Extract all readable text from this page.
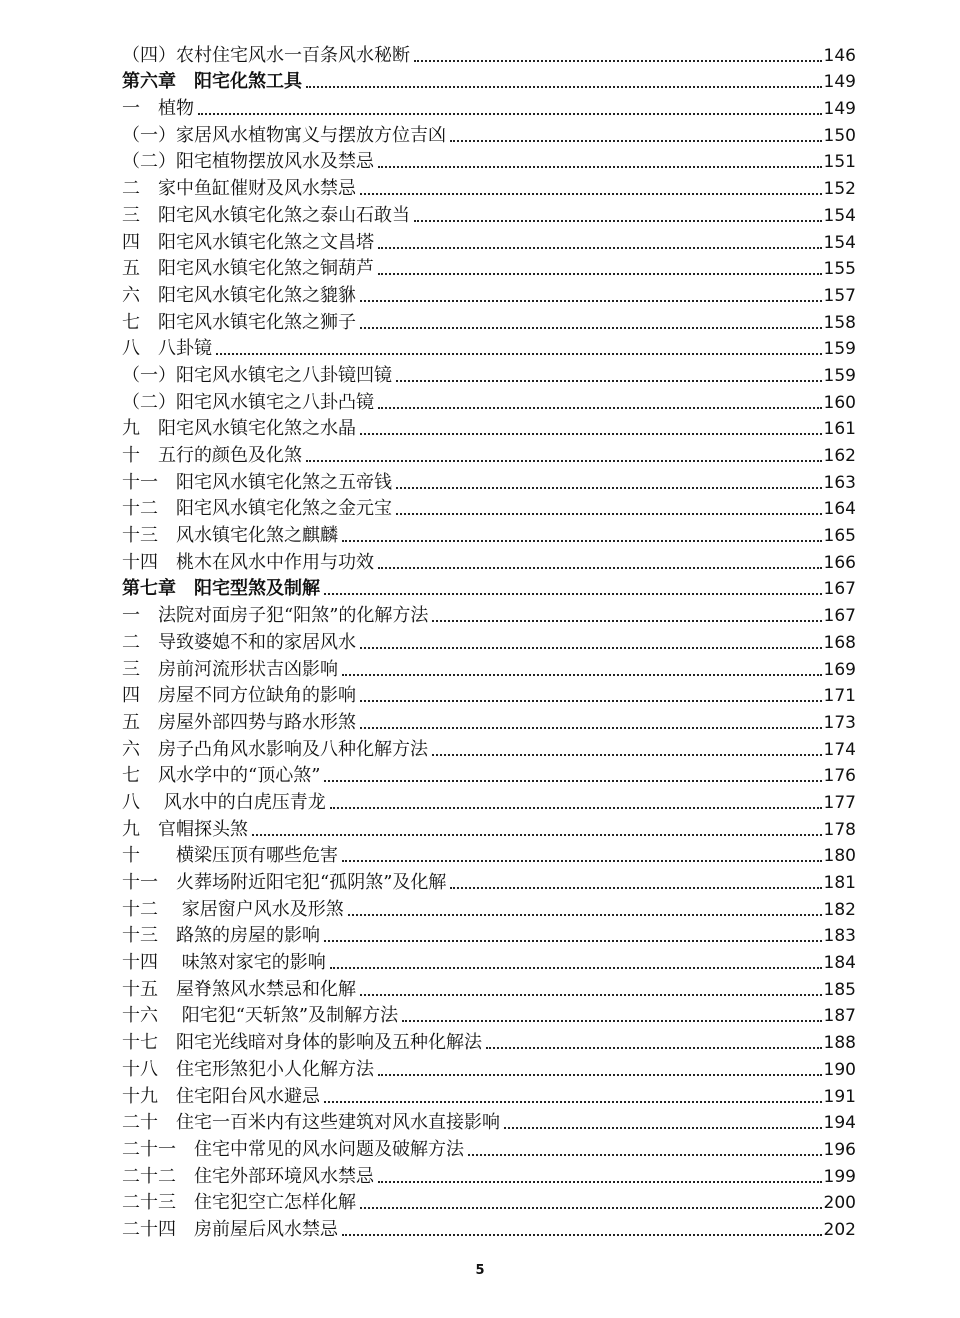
（四）农村住宅风水一百条风水秘断	146
第六章　阳宅化煞工具	149
一　植物	149
（一）家居风水植物寓义与摆放方位吉凶	150
（二）阳宅植物摆放风水及禁忌	151
二　家中鱼缸催财及风水禁忌	152
三　阳宅风水镇宅化煞之泰山石敢当	154
四　阳宅风水镇宅化煞之文昌塔	154
五　阳宅风水镇宅化煞之铜葫芦	155
六　阳宅风水镇宅化煞之貔貅	157
七　阳宅风水镇宅化煞之狮子	158
八　八卦镜	159
（一）阳宅风水镇宅之八卦镜凹镜	159
（二）阳宅风水镇宅之八卦凸镜	160
九　阳宅风水镇宅化煞之水晶	161
十　五行的颜色及化煞	162
十一　阳宅风水镇宅化煞之五帝钱	163
十二　阳宅风水镇宅化煞之金元宝	164
十三　风水镇宅化煞之麒麟	165
十四　桃木在风水中作用与功效	166
第七章　阳宅型煞及制解	167
一　法院对面房子犯“阳煞”的化解方法	167
二　导致婆媳不和的家居风水	168
三　房前河流形状吉凶影响	169
四　房屋不同方位缺角的影响	171
五　房屋外部四势与路水形煞	173
六　房子凸角风水影响及八种化解方法	174
七　风水学中的“顶心煞”	176
八　 风水中的白虎压青龙	177
九　官帽探头煞	178
十　　横梁压顶有哪些危害	180
十一　火葬场附近阳宅犯“孤阴煞”及化解	181
十二　 家居窗户风水及形煞	182
十三　路煞的房屋的影响	183
十四　 味煞对家宅的影响	184
十五　屋脊煞风水禁忌和化解	185
十六　 阳宅犯“天斩煞”及制解方法	187
十七　阳宅光线暗对身体的影响及五种化解法	188
十八　住宅形煞犯小人化解方法	190
十九　住宅阳台风水避忌	191
二十　住宅一百米内有这些建筑对风水直接影响	194
二十一　住宅中常见的风水问题及破解方法	196
二十二　住宅外部环境风水禁忌	199
二十三　住宅犯空亡怎样化解	200
二十四　房前屋后风水禁忌	202
5
